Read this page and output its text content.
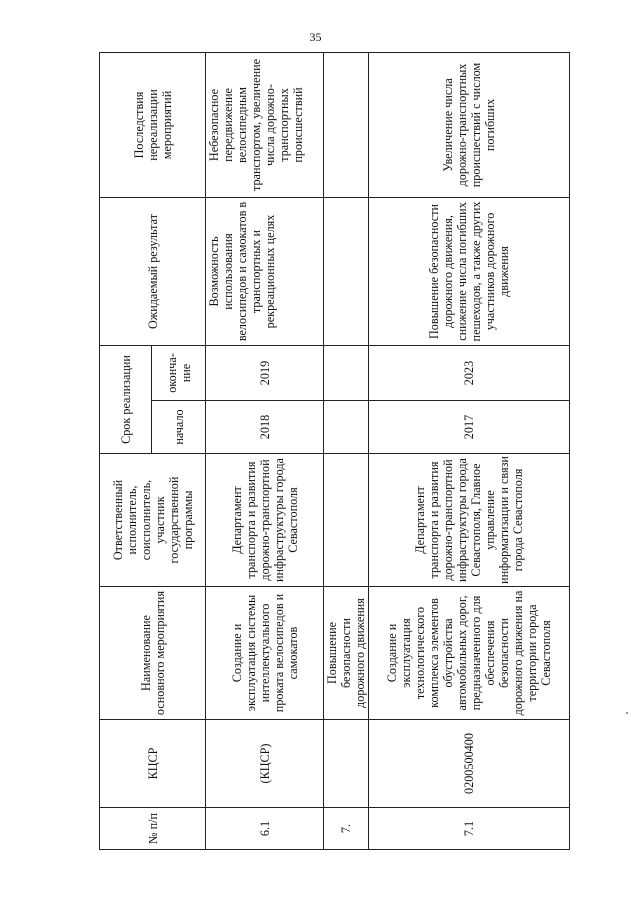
35
№ п/п	КЦСР	Наименование основного мероприятия	Ответственный исполнитель, соисполнитель, участник государственной программы	Срок реализации		Ожидаемый результат	Последствия нереализации мероприятий
				начало	оконча-ние		
6.1	(КЦСР)	Создание и эксплуатация системы интеллектуального проката велосипедов и самокатов	Департамент транспорта и развития дорожно-транспортной инфраструктуры города Севастополя	2018	2019	Возможность использования велосипедов и самокатов в транспортных и рекреационных целях	Небезопасное передвижение велосипедным транспортом, увеличение числа дорожно-транспортных происшествий
7.		Повышение безопасности дорожного движения					
7.1	0200500400	Создание и эксплуатация технологического комплекса элементов обустройства автомобильных дорог, предназначенного для обеспечения безопасности дорожного движения на территории города Севастополя	Департамент транспорта и развития дорожно-транспортной инфраструктуры города Севастополя, Главное управление информатизации и связи города Севастополя	2017	2023	Повышение безопасности дорожного движения, снижение числа погибших пешеходов, а также других участников дорожного движения	Увеличение числа дорожно-транспортных происшествий с числом погибших
